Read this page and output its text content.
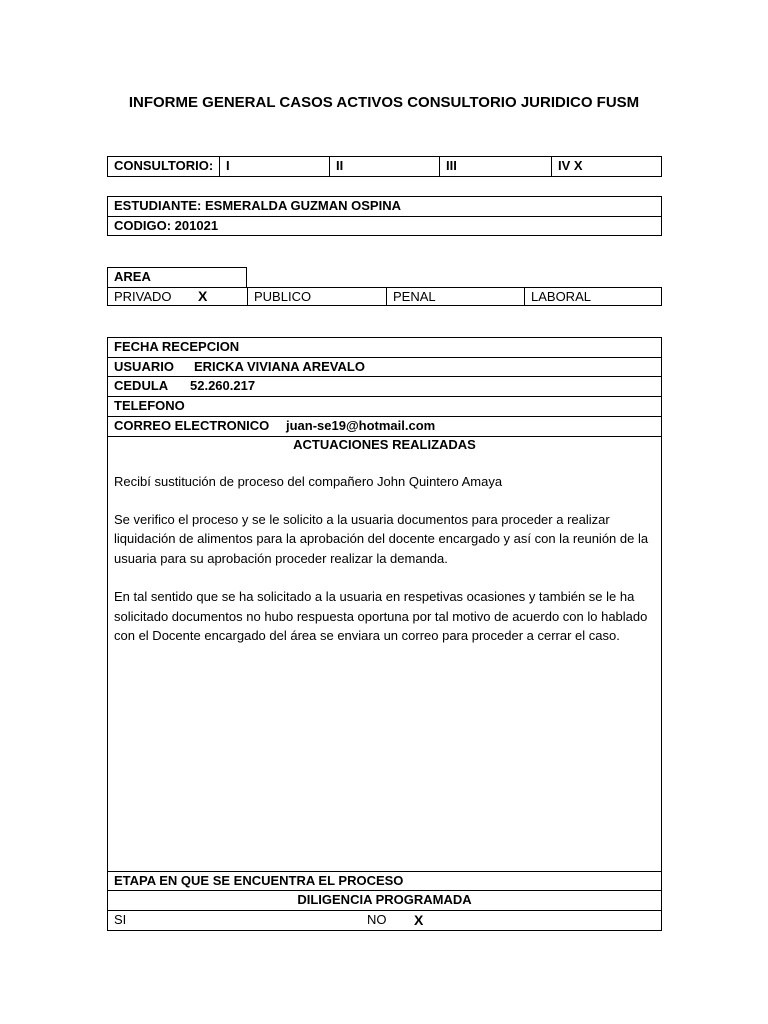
INFORME GENERAL CASOS ACTIVOS CONSULTORIO JURIDICO FUSM
CONSULTORIO: I	II	III	IV X
ESTUDIANTE: ESMERALDA GUZMAN OSPINA
CODIGO: 201021
AREA
PRIVADO X	PUBLICO	PENAL	LABORAL
FECHA RECEPCION
USUARIO	ERICKA VIVIANA AREVALO
CEDULA	52.260.217
TELEFONO
CORREO ELECTRONICO	juan-se19@hotmail.com
ACTUACIONES REALIZADAS

Recibí sustitución de proceso del compañero John Quintero Amaya

Se verifico el proceso y se le solicito a la usuaria documentos para proceder a realizar liquidación de alimentos para la aprobación del docente encargado y así con la reunión de la usuaria para su aprobación proceder realizar la demanda.

En tal sentido que se ha solicitado a la usuaria en respetivas ocasiones y también se le ha solicitado documentos no hubo respuesta oportuna por tal motivo de acuerdo con lo hablado con el Docente encargado del área se enviara un correo para proceder a cerrar el caso.

ETAPA EN QUE SE ENCUENTRA EL PROCESO
DILIGENCIA PROGRAMADA
SI	NO	X
